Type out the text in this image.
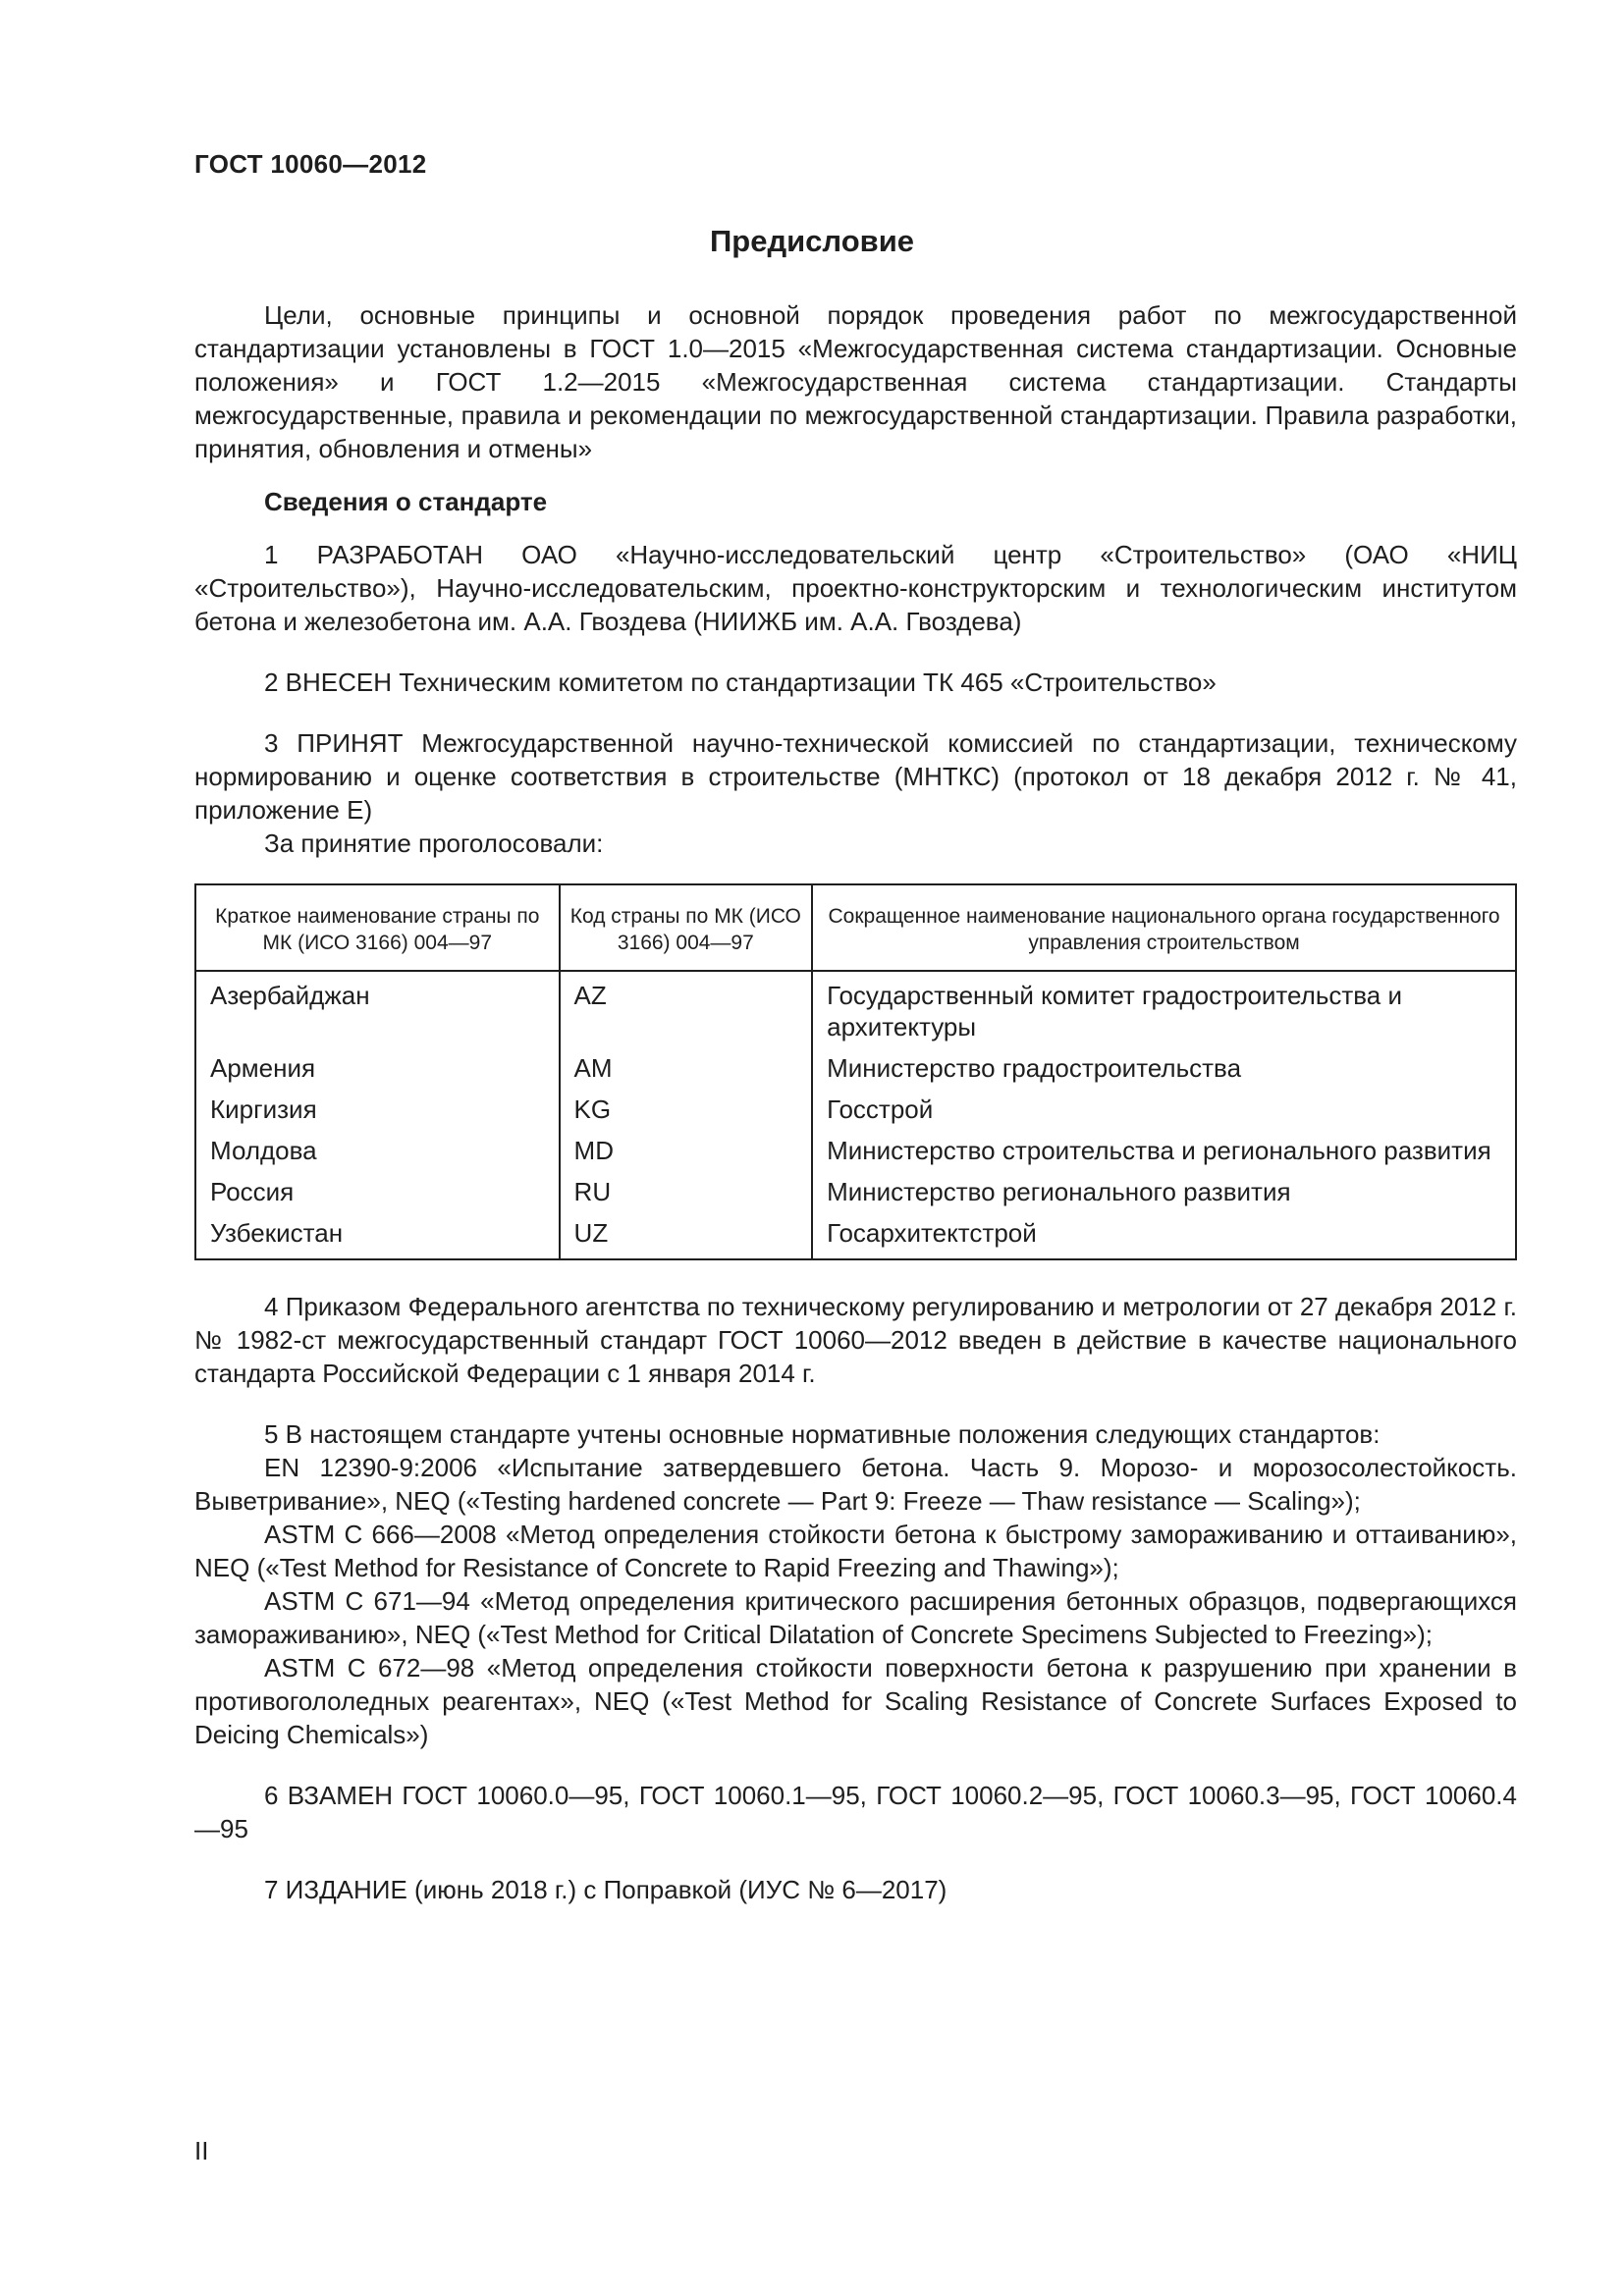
ГОСТ 10060—2012
Предисловие

Цели, основные принципы и основной порядок проведения работ по межгосударственной стандартизации установлены в ГОСТ 1.0—2015 «Межгосударственная система стандартизации. Основные положения» и ГОСТ 1.2—2015 «Межгосударственная система стандартизации. Стандарты межгосударственные, правила и рекомендации по межгосударственной стандартизации. Правила разработки, принятия, обновления и отмены»

Сведения о стандарте

1 РАЗРАБОТАН ОАО «Научно-исследовательский центр «Строительство» (ОАО «НИЦ «Строительство»), Научно-исследовательским, проектно-конструкторским и технологическим институтом бетона и железобетона им. А.А. Гвоздева (НИИЖБ им. А.А. Гвоздева)

2 ВНЕСЕН Техническим комитетом по стандартизации ТК 465 «Строительство»

3 ПРИНЯТ Межгосударственной научно-технической комиссией по стандартизации, техническому нормированию и оценке соответствия в строительстве (МНТКС) (протокол от 18 декабря 2012 г. № 41, приложение Е)

За принятие проголосовали:

Краткое наименование страны по МК (ИСО 3166) 004—97	Код страны по МК (ИСО 3166) 004—97	Сокращенное наименование национального органа государственного управления строительством
Азербайджан	AZ	Государственный комитет градостроительства и архитектуры
Армения	AM	Министерство градостроительства
Киргизия	KG	Госстрой
Молдова	MD	Министерство строительства и регионального развития
Россия	RU	Министерство регионального развития
Узбекистан	UZ	Госархитектстрой

4 Приказом Федерального агентства по техническому регулированию и метрологии от 27 декабря 2012 г. № 1982-ст межгосударственный стандарт ГОСТ 10060—2012 введен в действие в качестве национального стандарта Российской Федерации с 1 января 2014 г.

5 В настоящем стандарте учтены основные нормативные положения следующих стандартов:

EN 12390-9:2006 «Испытание затвердевшего бетона. Часть 9. Морозо- и морозосолестойкость. Выветривание», NEQ («Testing hardened concrete — Part 9: Freeze — Thaw resistance — Scaling»);

ASTM C 666—2008 «Метод определения стойкости бетона к быстрому замораживанию и оттаиванию», NEQ («Test Method for Resistance of Concrete to Rapid Freezing and Thawing»);

ASTM C 671—94 «Метод определения критического расширения бетонных образцов, подвергающихся замораживанию», NEQ («Test Method for Critical Dilatation of Concrete Specimens Subjected to Freezing»);

ASTM C 672—98 «Метод определения стойкости поверхности бетона к разрушению при хранении в противогололедных реагентах», NEQ («Test Method for Scaling Resistance of Concrete Surfaces Exposed to Deicing Chemicals»)

6 ВЗАМЕН ГОСТ 10060.0—95, ГОСТ 10060.1—95, ГОСТ 10060.2—95, ГОСТ 10060.3—95, ГОСТ 10060.4—95

7 ИЗДАНИЕ (июнь 2018 г.) с Поправкой (ИУС № 6—2017)

II
